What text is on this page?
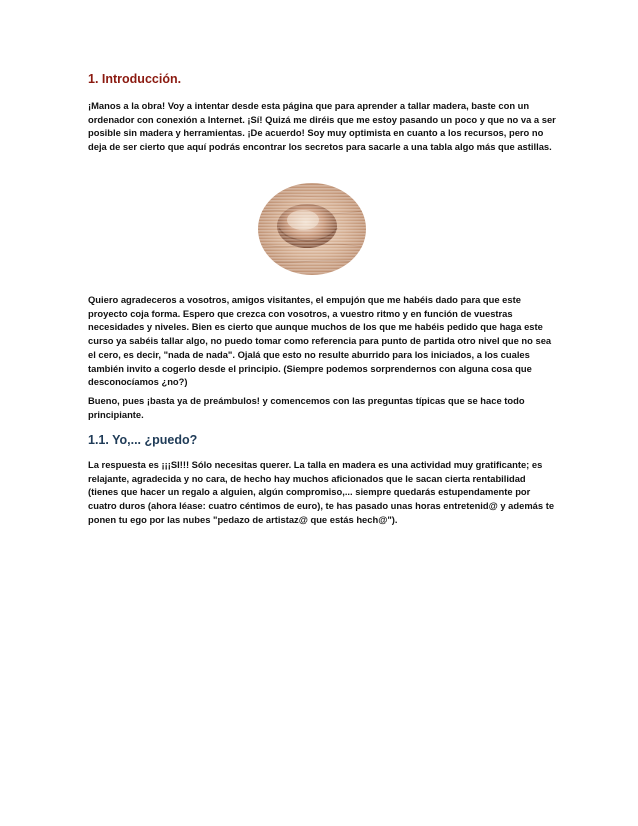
1. Introducción.

¡Manos a la obra! Voy a intentar desde esta página que para aprender a tallar madera, baste con un ordenador con conexión a Internet. ¡Sí! Quizá me diréis que me estoy pasando un poco y que no va a ser posible sin madera y herramientas. ¡De acuerdo! Soy muy optimista en cuanto a los recursos, pero no deja de ser cierto que aquí podrás encontrar los secretos para sacarle a una tabla algo más que astillas.

Quiero agradeceros a vosotros, amigos visitantes, el empujón que me habéis dado para que este proyecto coja forma. Espero que crezca con vosotros, a vuestro ritmo y en función de vuestras necesidades y niveles. Bien es cierto que aunque muchos de los que me habéis pedido que haga este curso ya sabéis tallar algo, no puedo tomar como referencia para punto de partida otro nivel que no sea el cero, es decir, "nada de nada". Ojalá que esto no resulte aburrido para los iniciados, a los cuales también invito a cogerlo desde el principio. (Siempre podemos sorprendernos con alguna cosa que desconocíamos ¿no?)

Bueno, pues ¡basta ya de preámbulos! y comencemos con las preguntas típicas que se hace todo principiante.

1.1. Yo,... ¿puedo?

La respuesta es ¡¡¡SI!!! Sólo necesitas querer. La talla en madera es una actividad muy gratificante; es relajante, agradecida y no cara, de hecho hay muchos aficionados que le sacan cierta rentabilidad (tienes que hacer un regalo a alguien, algún compromiso,... siempre quedarás estupendamente por cuatro duros (ahora léase: cuatro céntimos de euro), te has pasado unas horas entretenid@ y además te ponen tu ego por las nubes "pedazo de artistaz@ que estás hech@").
